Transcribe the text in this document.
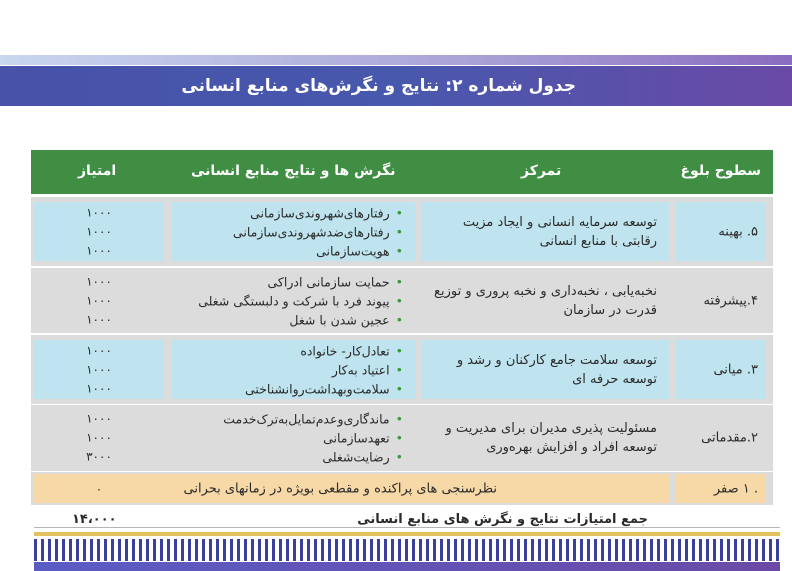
جدول شماره ۲: نتایج و نگرش‌های منابع انسانی
سطوح بلوغ
تمرکز
نگرش ها و نتایج منابع انسانی
امتیاز
۵. بهینه
توسعه سرمایه انسانی و ایجاد مزیت رقابتی با منابع انسانی
• رفتارهای‌شهروندی‌سازمانی
• رفتارهای‌ضد‌شهروندی‌سازمانی
• هویت‌سازمانی
۱۰۰۰
۱۰۰۰
۱۰۰۰
۴.پیشرفته
نخبه‌یابی ، نخبه‌داری و نخبه پروری و توزیع قدرت در سازمان
• حمایت سازمانی ادراکی
• پیوند فرد با شرکت و دلبستگی شغلی
• عجین شدن با شغل
۱۰۰۰
۱۰۰۰
۱۰۰۰
۳. میانی
توسعه سلامت جامع کارکنان و رشد و توسعه حرفه ای
• تعادل‌کار- خانواده
• اعتیاد به‌کار
• سلامت‌و‌بهداشت‌روانشناختی
۱۰۰۰
۱۰۰۰
۱۰۰۰
۲.مقدماتی
مسئولیت پذیری مدیران برای مدیریت و توسعه افراد و افزایش بهره‌وری
• ماندگاری‌و‌عدم‌تمایل‌به‌ترک‌خدمت
• تعهد‌سازمانی
• رضایت‌شغلی
۱۰۰۰
۱۰۰۰
۳۰۰۰
. ۱ صفر
نظرسنجی های پراکنده و مقطعی بویژه در زمانهای بحرانی
۰
جمع امتیازات نتایج و نگرش های منابع انسانی
۱۴،۰۰۰
